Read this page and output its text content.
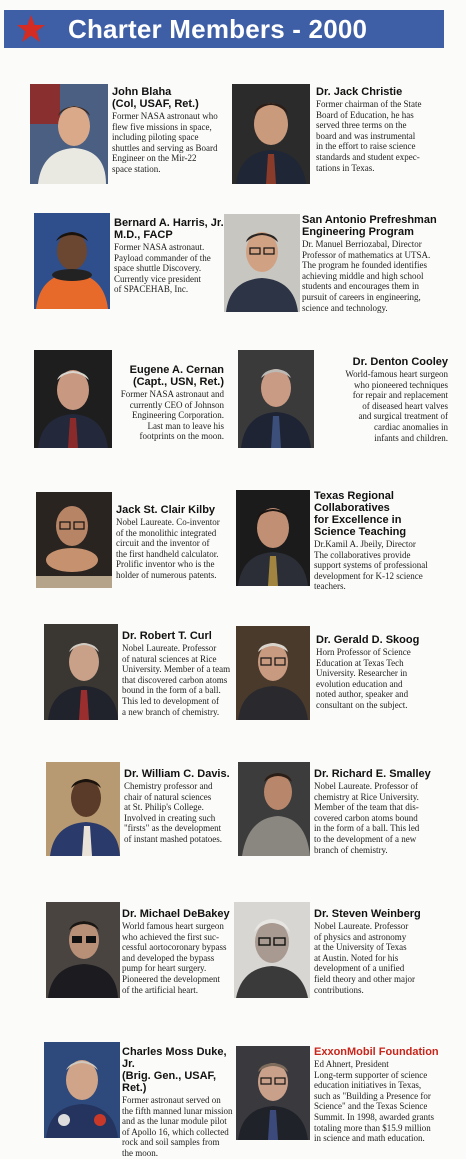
Charter Members - 2000
John Blaha
(Col, USAF, Ret.)
Former NASA astronaut who
flew five missions in space,
including piloting space
shuttles and serving as Board
Engineer on the Mir-22
space station.
Dr. Jack Christie
Former chairman of the State
Board of Education, he has
served three terms on the
board and was instrumental
in the effort to raise science
standards and student expec-
tations in Texas.
Bernard A. Harris, Jr.
M.D., FACP
Former NASA astronaut.
Payload commander of the
space shuttle Discovery.
Currently vice president
of SPACEHAB, Inc.
San Antonio Prefreshman
Engineering Program
Dr. Manuel Berriozabal, Director
Professor of mathematics at UTSA.
The program he founded identifies
achieving middle and high school
students and encourages them in
pursuit of careers in engineering,
science and technology.
Eugene A. Cernan
(Capt., USN, Ret.)
Former NASA astronaut and
currently CEO of Johnson
Engineering Corporation.
Last man to leave his
footprints on the moon.
Dr. Denton Cooley
World-famous heart surgeon
who pioneered techniques
for repair and replacement
of diseased heart valves
and surgical treatment of
cardiac anomalies in
infants and children.
Jack St. Clair Kilby
Nobel Laureate. Co-inventor
of the monolithic integrated
circuit and the inventor of
the first handheld calculator.
Prolific inventor who is the
holder of numerous patents.
Texas Regional
Collaboratives
for Excellence in
Science Teaching
Dr.Kamil A. Jbeily, Director
The collaboratives provide
support systems of professional
development for K-12 science
teachers.
Dr. Robert T. Curl
Nobel Laureate. Professor
of natural sciences at Rice
University. Member of a team
that discovered carbon atoms
bound in the form of a ball.
This led to development of
a new branch of chemistry.
Dr. Gerald D. Skoog
Horn Professor of Science
Education at Texas Tech
University. Researcher in
evolution education and
noted author, speaker and
consultant on the subject.
Dr. William C. Davis.
Chemistry professor and
chair of natural sciences
at St. Philip's College.
Involved in creating such
"firsts" as the development
of instant mashed potatoes.
Dr. Richard E. Smalley
Nobel Laureate. Professor of
chemistry at Rice University.
Member of the team that dis-
covered carbon atoms bound
in the form of a ball. This led
to the development of a new
branch of chemistry.
Dr. Michael DeBakey
World famous heart surgeon
who achieved the first suc-
cessful aortocoronary bypass
and developed the bypass
pump for heart surgery.
Pioneered the development
of the artificial heart.
Dr. Steven Weinberg
Nobel Laureate. Professor
of physics and astronomy
at the University of Texas
at Austin. Noted for his
development of a unified
field theory and other major
contributions.
Charles Moss Duke, Jr.
(Brig. Gen., USAF, Ret.)
Former astronaut served on
the fifth manned lunar mission
and as the lunar module pilot
of Apollo 16, which collected
rock and soil samples from
the moon.
ExxonMobil Foundation
Ed Ahnert, President
Long-term supporter of science
education initiatives in Texas,
such as "Building a Presence for
Science" and the Texas Science
Summit. In 1998, awarded grants
totaling more than $15.9 million
in science and math education.
